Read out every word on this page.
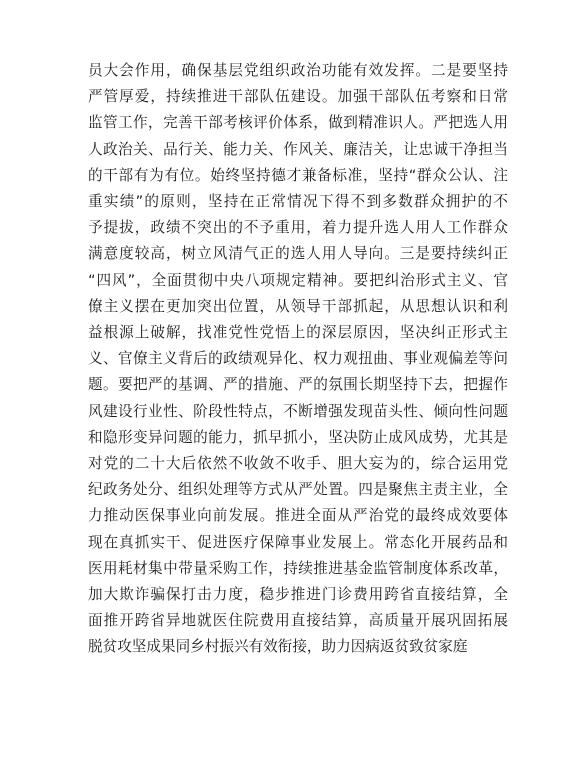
员大会作用，确保基层党组织政治功能有效发挥。二是要坚持
严管厚爱，持续推进干部队伍建设。加强干部队伍考察和日常
监管工作，完善干部考核评价体系，做到精准识人。严把选人用
人政治关、品行关、能力关、作风关、廉洁关，让忠诚干净担当
的干部有为有位。始终坚持德才兼备标准，坚持“群众公认、注
重实绩”的原则，坚持在正常情况下得不到多数群众拥护的不
予提拔，政绩不突出的不予重用，着力提升选人用人工作群众
满意度较高，树立风清气正的选人用人导向。三是要持续纠正
“四风”，全面贯彻中央八项规定精神。要把纠治形式主义、官
僚主义摆在更加突出位置，从领导干部抓起，从思想认识和利
益根源上破解，找准党性党悟上的深层原因，坚决纠正形式主
义、官僚主义背后的政绩观异化、权力观扭曲、事业观偏差等问
题。要把严的基调、严的措施、严的氛围长期坚持下去，把握作
风建设行业性、阶段性特点，不断增强发现苗头性、倾向性问题
和隐形变异问题的能力，抓早抓小，坚决防止成风成势，尤其是
对党的二十大后依然不收敛不收手、胆大妄为的，综合运用党
纪政务处分、组织处理等方式从严处置。四是聚焦主责主业，全
力推动医保事业向前发展。推进全面从严治党的最终成效要体
现在真抓实干、促进医疗保障事业发展上。常态化开展药品和
医用耗材集中带量采购工作，持续推进基金监管制度体系改革，
加大欺诈骗保打击力度，稳步推进门诊费用跨省直接结算，全
面推开跨省异地就医住院费用直接结算，高质量开展巩固拓展
脱贫攻坚成果同乡村振兴有效衔接，助力因病返贫致贫家庭
